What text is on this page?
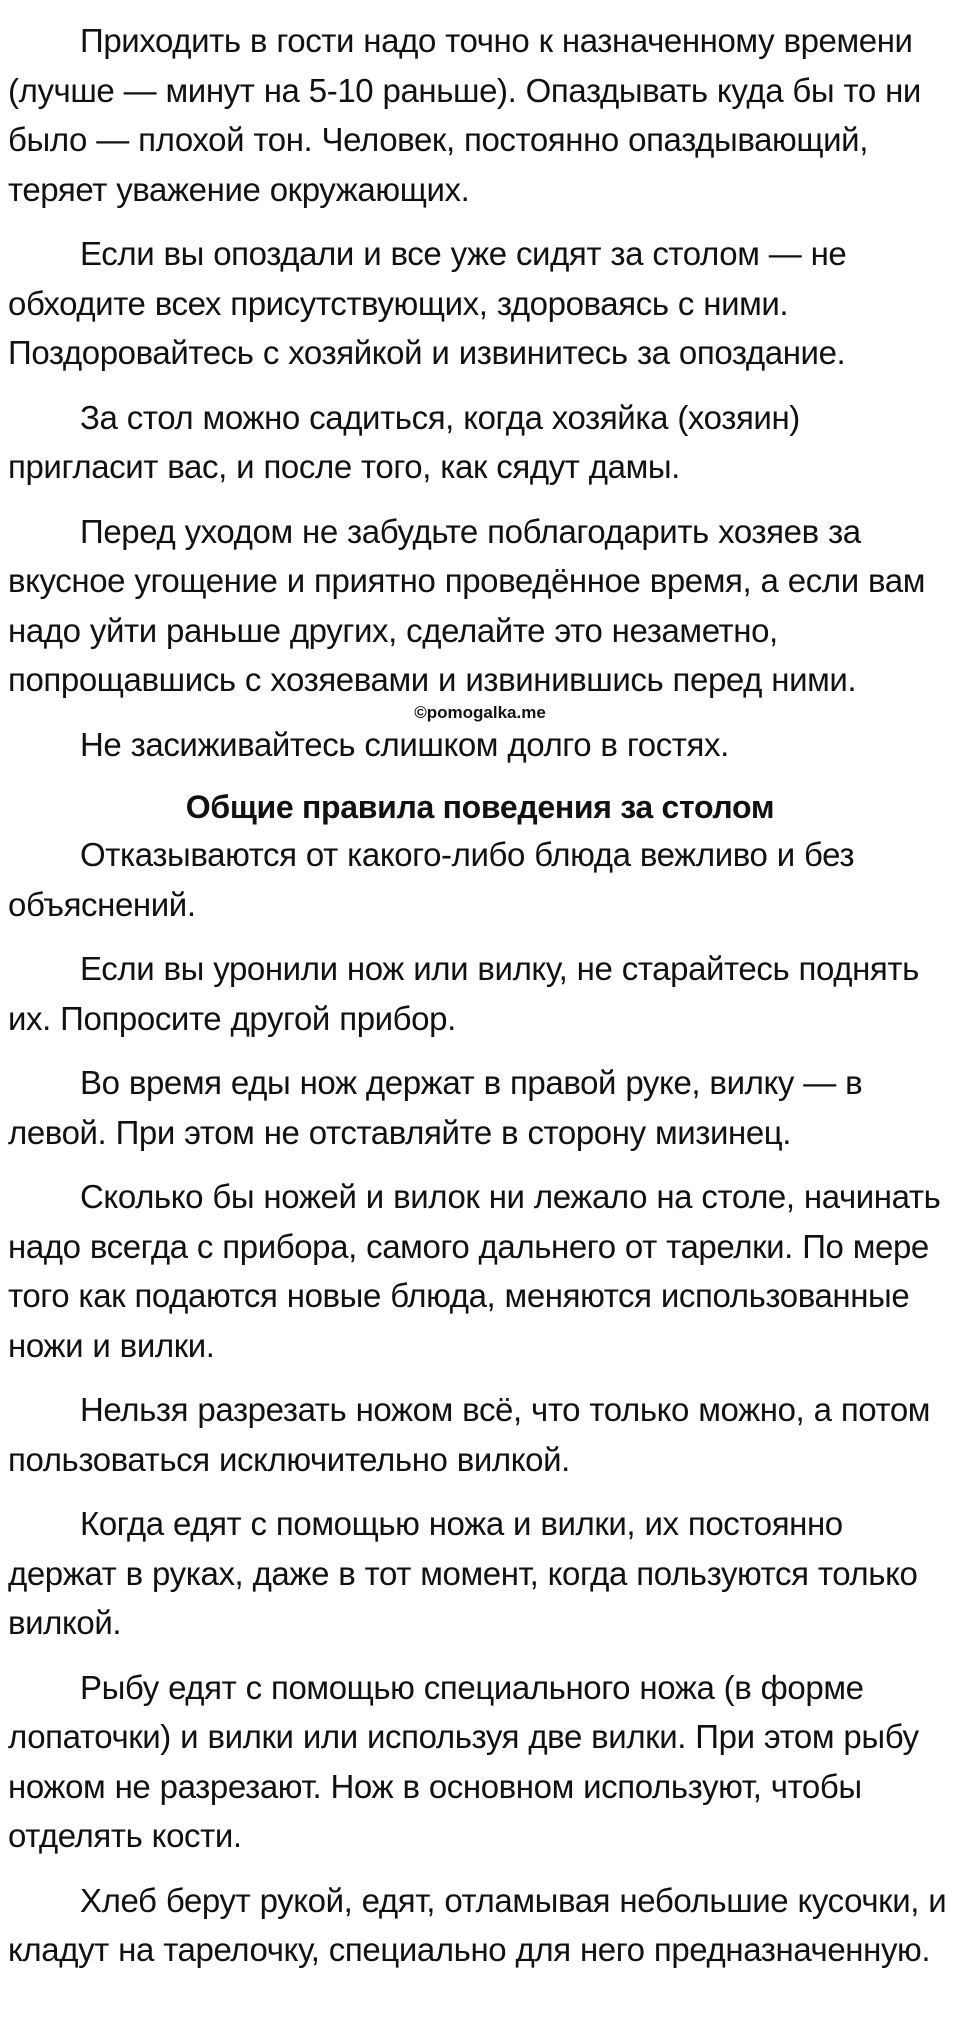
Приходить в гости надо точно к назначенному времени (лучше — минут на 5-10 раньше). Опаздывать куда бы то ни было — плохой тон. Человек, постоянно опаздывающий, теряет уважение окружающих.

Если вы опоздали и все уже сидят за столом — не обходите всех присутствующих, здороваясь с ними. Поздоровайтесь с хозяйкой и извинитесь за опоздание.

За стол можно садиться, когда хозяйка (хозяин) пригласит вас, и после того, как сядут дамы.

Перед уходом не забудьте поблагодарить хозяев за вкусное угощение и приятно проведённое время, а если вам надо уйти раньше других, сделайте это незаметно, попрощавшись с хозяевами и извинившись перед ними.

Не засиживайтесь слишком долго в гостях.

Общие правила поведения за столом

Отказываются от какого-либо блюда вежливо и без объяснений.

Если вы уронили нож или вилку, не старайтесь поднять их. Попросите другой прибор.

Во время еды нож держат в правой руке, вилку — в левой. При этом не отставляйте в сторону мизинец.

Сколько бы ножей и вилок ни лежало на столе, начинать надо всегда с прибора, самого дальнего от тарелки. По мере того как подаются новые блюда, меняются использованные ножи и вилки.

Нельзя разрезать ножом всё, что только можно, а потом пользоваться исключительно вилкой.

Когда едят с помощью ножа и вилки, их постоянно держат в руках, даже в тот момент, когда пользуются только вилкой.

Рыбу едят с помощью специального ножа (в форме лопаточки) и вилки или используя две вилки. При этом рыбу ножом не разрезают. Нож в основном используют, чтобы отделять кости.

Хлеб берут рукой, едят, отламывая небольшие кусочки, и кладут на тарелочку, специально для него предназначенную.

©pomogalka.me
